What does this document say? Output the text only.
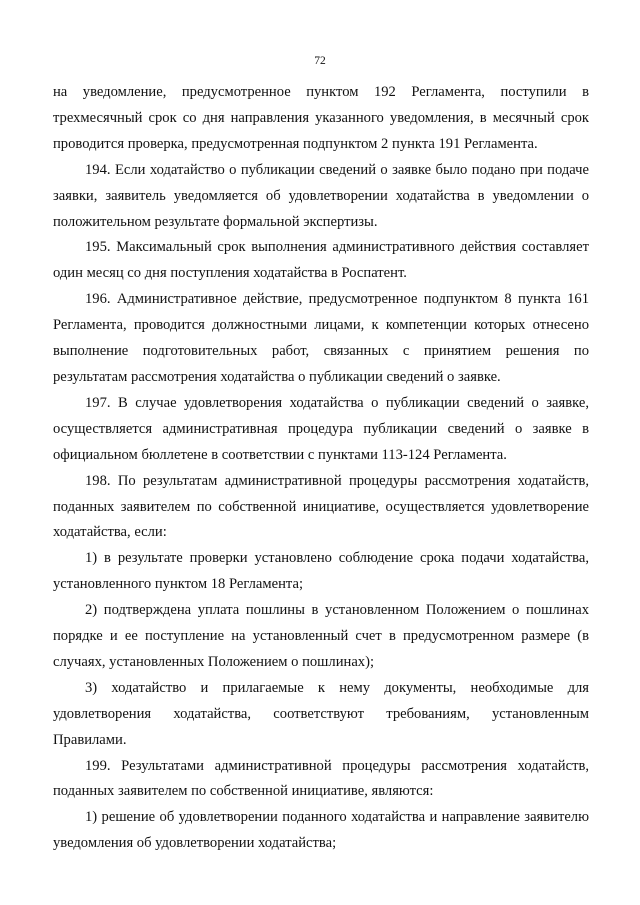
72

на уведомление, предусмотренное пунктом 192 Регламента, поступили в трехмесячный срок со дня направления указанного уведомления, в месячный срок проводится проверка, предусмотренная подпунктом 2 пункта 191 Регламента.

194. Если ходатайство о публикации сведений о заявке было подано при подаче заявки, заявитель уведомляется об удовлетворении ходатайства в уведомлении о положительном результате формальной экспертизы.

195. Максимальный срок выполнения административного действия составляет один месяц со дня поступления ходатайства в Роспатент.

196. Административное действие, предусмотренное подпунктом 8 пункта 161 Регламента, проводится должностными лицами, к компетенции которых отнесено выполнение подготовительных работ, связанных с принятием решения по результатам рассмотрения ходатайства о публикации сведений о заявке.

197. В случае удовлетворения ходатайства о публикации сведений о заявке, осуществляется административная процедура публикации сведений о заявке в официальном бюллетене в соответствии с пунктами 113-124 Регламента.

198. По результатам административной процедуры рассмотрения ходатайств, поданных заявителем по собственной инициативе, осуществляется удовлетворение ходатайства, если:

1) в результате проверки установлено соблюдение срока подачи ходатайства, установленного пунктом 18 Регламента;

2) подтверждена уплата пошлины в установленном Положением о пошлинах порядке и ее поступление на установленный счет в предусмотренном размере (в случаях, установленных Положением о пошлинах);

3) ходатайство и прилагаемые к нему документы, необходимые для удовлетворения ходатайства, соответствуют требованиям, установленным Правилами.

199. Результатами административной процедуры рассмотрения ходатайств, поданных заявителем по собственной инициативе, являются:

1) решение об удовлетворении поданного ходатайства и направление заявителю уведомления об удовлетворении ходатайства;
